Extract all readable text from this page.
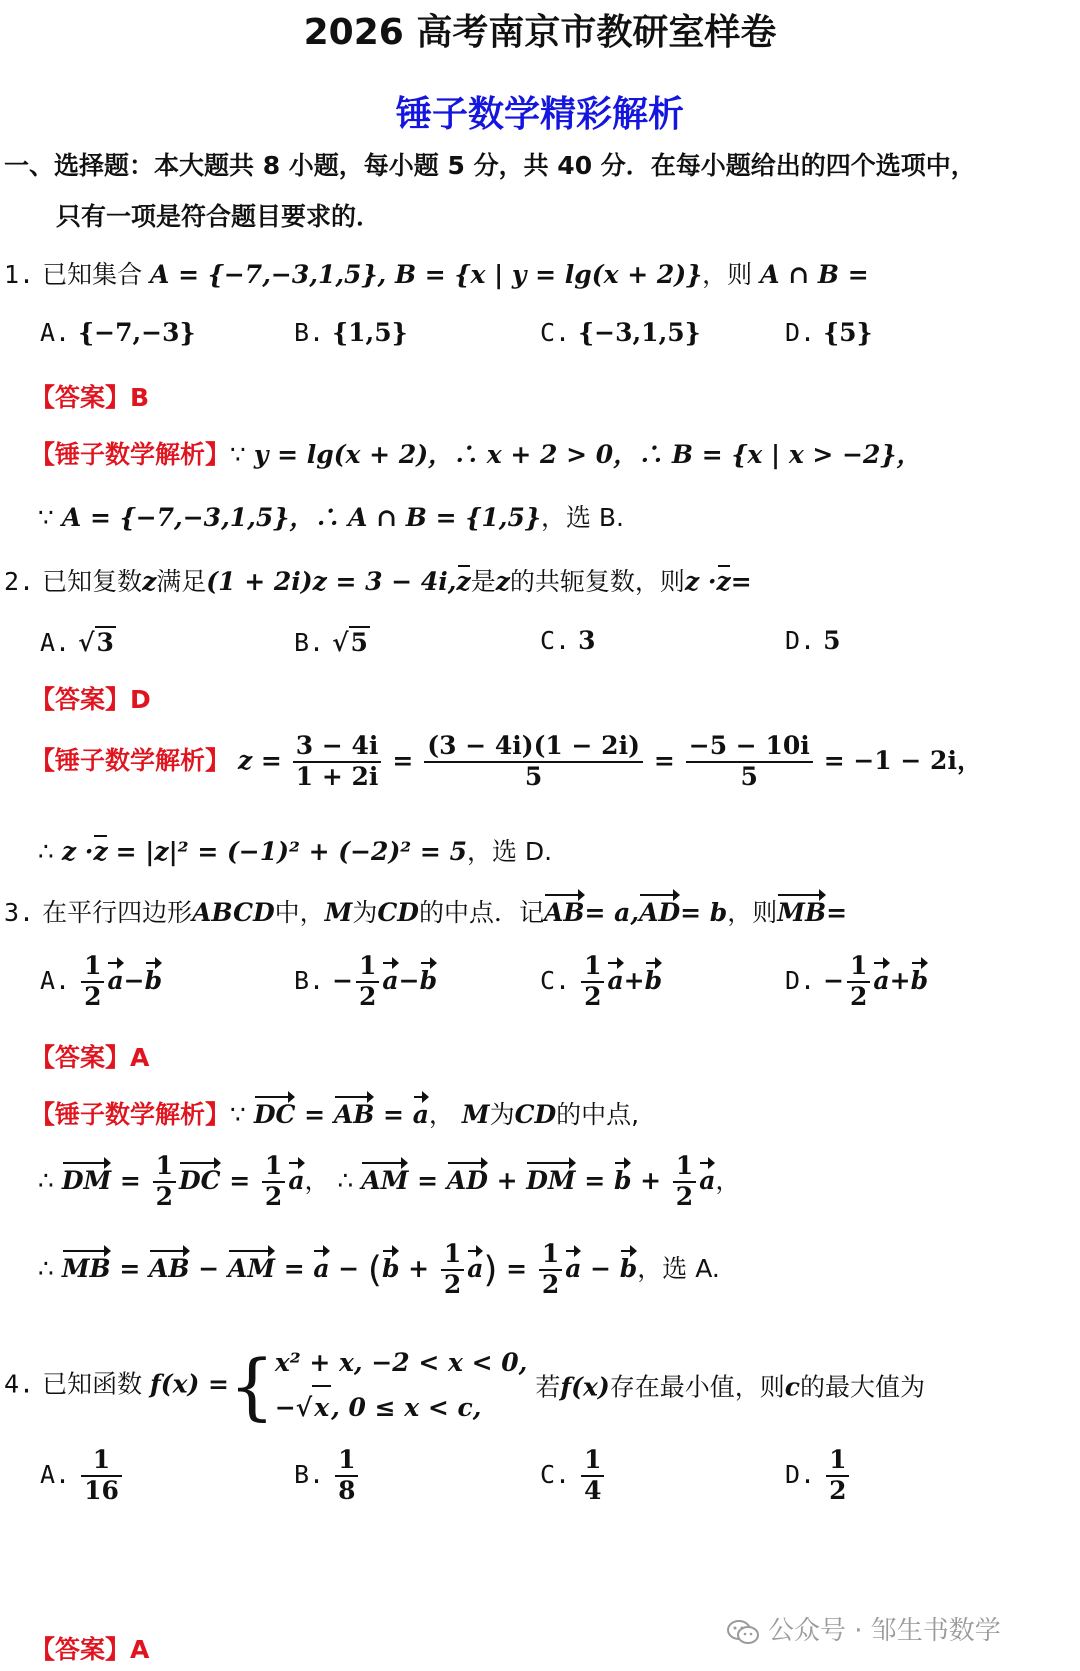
2026 高考南京市教研室样卷
锤子数学精彩解析
一、选择题：本大题共 8 小题，每小题 5 分，共 40 分．在每小题给出的四个选项中，
只有一项是符合题目要求的．
1. 已知集合 A = {−7,−3,1,5}, B = {x | y = lg(x + 2)}，则 A ∩ B =
A. {−7,−3}	B. {1,5}	C. {−3,1,5}	D. {5}
【答案】B
【锤子数学解析】∵ y = lg(x + 2)，∴ x + 2 > 0，∴ B = {x | x > −2}，
∵ A = {−7,−3,1,5}，∴ A ∩ B = {1,5}，选 B.
2. 已知复数z满足(1 + 2i)z = 3 − 4i,z是z的共轭复数，则z ·z=
A. √3	B. √5	C. 3	D. 5
【答案】D
【锤子数学解析】 $z = \frac{3 - 4i}{1 + 2i} = \frac{(3 - 4i)(1 - 2i)}{5} = \frac{-5 - 10i}{5} = -1 - 2i$，
∴ z ·z = |z|² = (−1)² + (−2)² = 5，选 D.
3. 在平行四边形ABCD中，M为CD的中点．记AB= a,AD= b，则MB=
A. $\frac{1}{2} a-b$	B. − $\frac{1}{2} a-b$	C. $\frac{1}{2} a+b$	D. − $\frac{1}{2} a+b$
【答案】A
【锤子数学解析】∵ DC = AB = a， M为CD的中点,
∴ DM = $\frac{1}{2}$ DC = $\frac{1}{2}$ a， ∴ AM = AD + DM = $b + \frac{1}{2}$ a，
∴ MB = AB − AM = $a - (b + \frac{1}{2} a) = \frac{1}{2}$ a − b，选 A.
4. 已知函数 f(x) ={ x² + x, −2 < x < 0,
−√x, 0 ≤ x < c,
若f(x)存在最小值，则c的最大值为
A. $\frac{1}{16}$	B. $\frac{1}{8}$	C. $\frac{1}{4}$	D. $\frac{1}{2}$
【答案】A
公众号 · 邹生书数学
